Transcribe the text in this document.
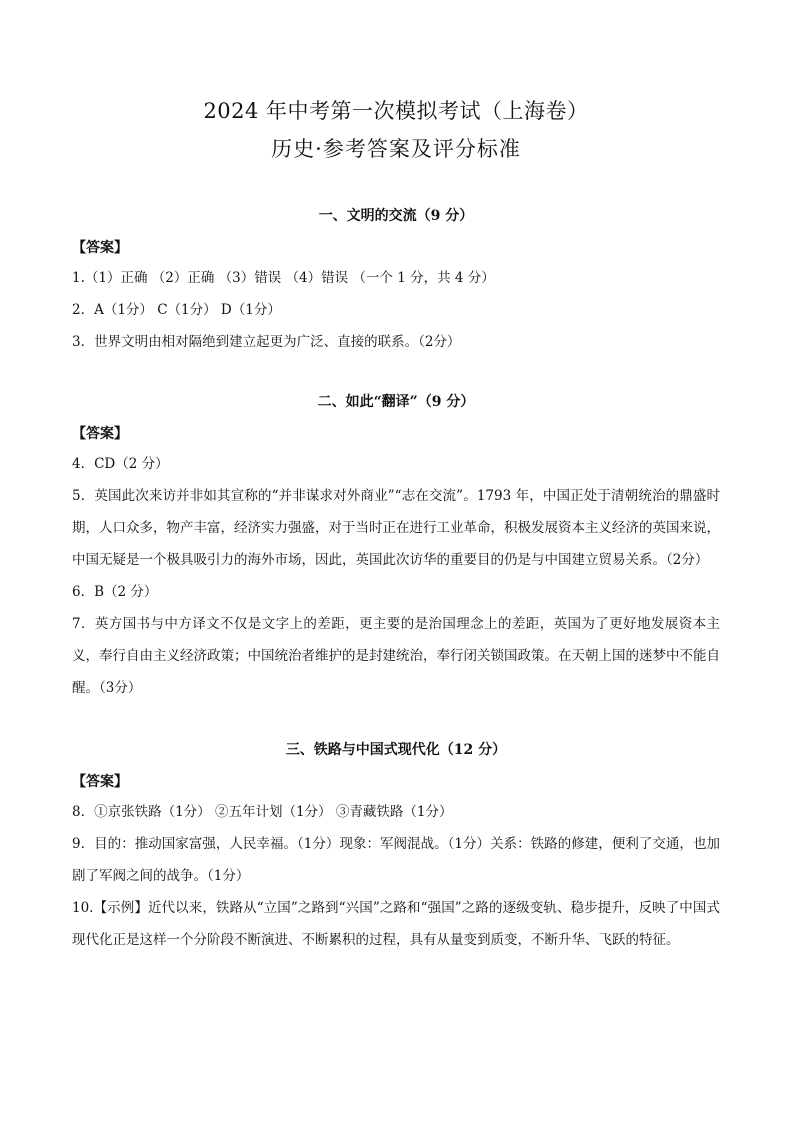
2024 年中考第一次模拟考试（上海卷）
历史·参考答案及评分标准

一、文明的交流（9 分）

【答案】

1.（1）正确 （2）正确 （3）错误 （4）错误 （一个 1 分，共 4 分）

2．A（1分） C（1分） D（1分）

3．世界文明由相对隔绝到建立起更为广泛、直接的联系。（2分）

二、如此“翻译”（9 分）

【答案】

4．CD（2 分）

5．英国此次来访并非如其宣称的“并非谋求对外商业”“志在交流”。1793 年，中国正处于清朝统治的鼎盛时期，人口众多，物产丰富，经济实力强盛，对于当时正在进行工业革命，积极发展资本主义经济的英国来说，中国无疑是一个极具吸引力的海外市场，因此，英国此次访华的重要目的仍是与中国建立贸易关系。（2分）

6．B（2 分）

7．英方国书与中方译文不仅是文字上的差距，更主要的是治国理念上的差距，英国为了更好地发展资本主义，奉行自由主义经济政策；中国统治者维护的是封建统治，奉行闭关锁国政策。在天朝上国的迷梦中不能自醒。（3分）

三、铁路与中国式现代化（12 分）

【答案】

8．①京张铁路（1分） ②五年计划（1分） ③青藏铁路（1分）

9．目的：推动国家富强，人民幸福。（1分）现象：军阀混战。（1分）关系：铁路的修建，便利了交通，也加剧了军阀之间的战争。（1分）

10.【示例】近代以来，铁路从“立国”之路到“兴国”之路和“强国”之路的逐级变轨、稳步提升，反映了中国式现代化正是这样一个分阶段不断演进、不断累积的过程，具有从量变到质变，不断升华、飞跃的特征。
